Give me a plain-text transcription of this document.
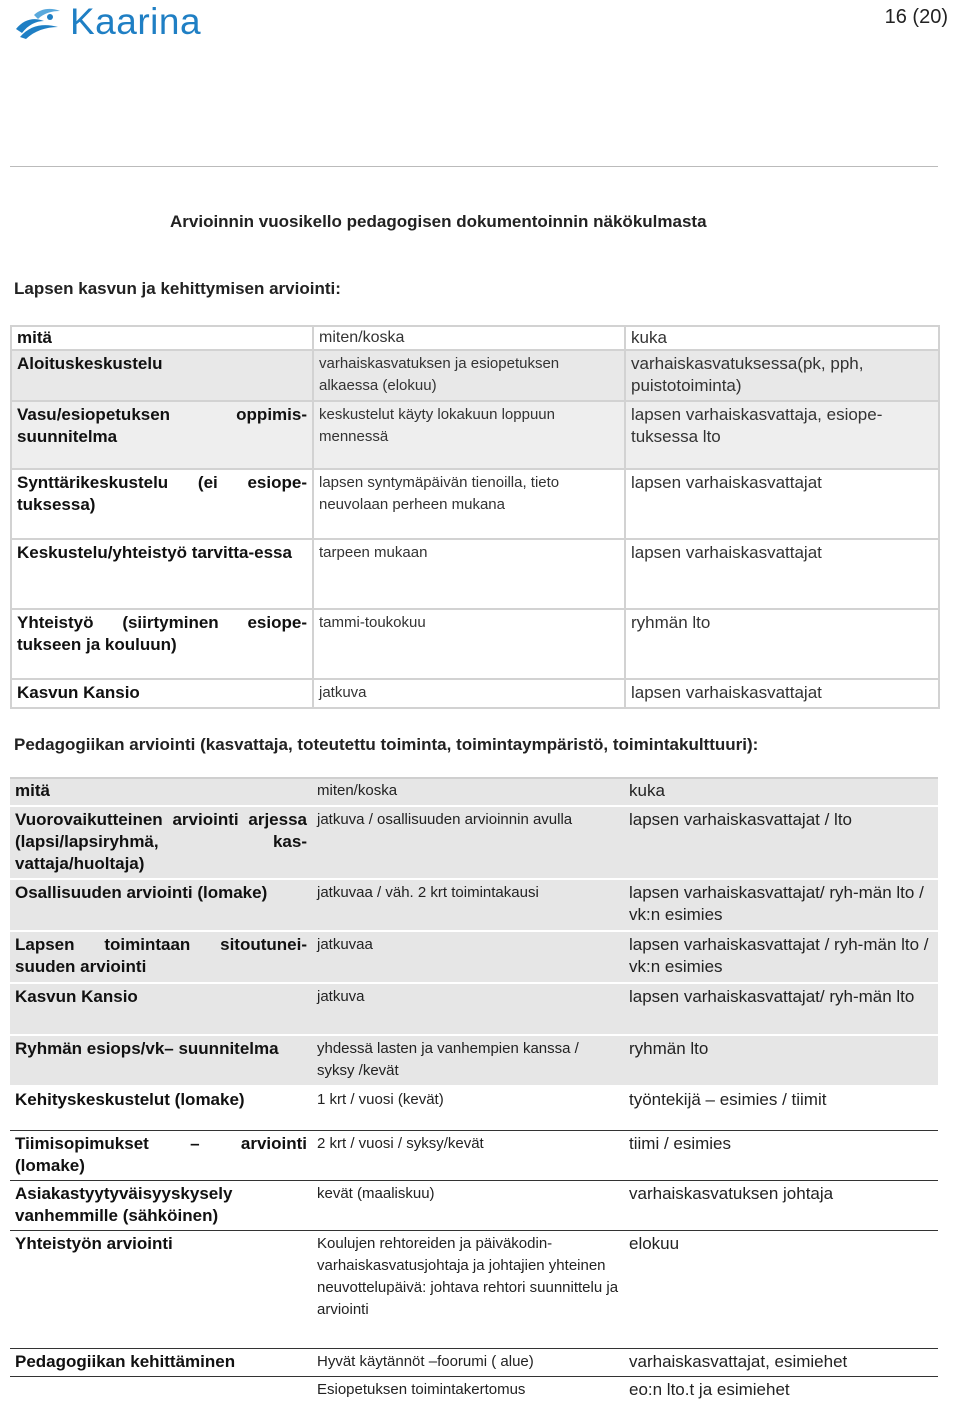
Kaarina	16 (20)
Arvioinnin vuosikello pedagogisen dokumentoinnin näkökulmasta
Lapsen kasvun ja kehittymisen arviointi:
mitä	miten/koska	kuka
Aloituskeskustelu	varhaiskasvatuksen ja esiopetuksen alkaessa (elokuu)	varhaiskasvatuksessa(pk, pph, puistotoiminta)
Vasu/esiopetuksen oppimis-suunnitelma	keskustelut käyty lokakuun loppuun mennessä	lapsen varhaiskasvattaja, esiope-tuksessa lto
Synttärikeskustelu (ei esiope-tuksessa)	lapsen syntymäpäivän tienoilla, tieto neuvolaan perheen mukana	lapsen varhaiskasvattajat
Keskustelu/yhteistyö tarvitta-essa	tarpeen mukaan	lapsen varhaiskasvattajat
Yhteistyö (siirtyminen esiope-tukseen ja kouluun)	tammi-toukokuu	ryhmän lto
Kasvun Kansio	jatkuva	lapsen varhaiskasvattajat
Pedagogiikan arviointi (kasvattaja, toteutettu toiminta, toimintaympäristö, toimintakulttuuri):
mitä	miten/koska	kuka
Vuorovaikutteinen arviointi arjessa (lapsi/lapsiryhmä, kas-vattaja/huoltaja)	jatkuva / osallisuuden arvioinnin avulla	lapsen varhaiskasvattajat / lto
Osallisuuden arviointi (lomake)	jatkuvaa / väh. 2 krt toimintakausi	lapsen varhaiskasvattajat/ ryh-män lto / vk:n esimies
Lapsen toimintaan sitoutunei-suuden arviointi	jatkuvaa	lapsen varhaiskasvattajat / ryh-män lto / vk:n esimies
Kasvun Kansio	jatkuva	lapsen varhaiskasvattajat/ ryh-män lto
Ryhmän esiops/vk– suunnitelma	yhdessä lasten ja vanhempien kanssa / syksy /kevät	ryhmän lto
Kehityskeskustelut (lomake)	1 krt / vuosi (kevät)	työntekijä – esimies / tiimit
Tiimisopimukset – arviointi (lomake)	2 krt / vuosi / syksy/kevät	tiimi / esimies
Asiakastyytyväisyyskysely vanhemmille (sähköinen)	kevät (maaliskuu)	varhaiskasvatuksen johtaja
Yhteistyön arviointi	Koulujen rehtoreiden ja päiväkodin-varhaiskasvatusjohtaja ja johtajien yhteinen neuvottelupäivä: johtava rehtori suunnittelu ja arviointi	elokuu
Pedagogiikan kehittäminen	Hyvät käytännöt –foorumi ( alue)	varhaiskasvattajat, esimiehet
	Esiopetuksen toimintakertomus	eo:n lto.t ja esimiehet
